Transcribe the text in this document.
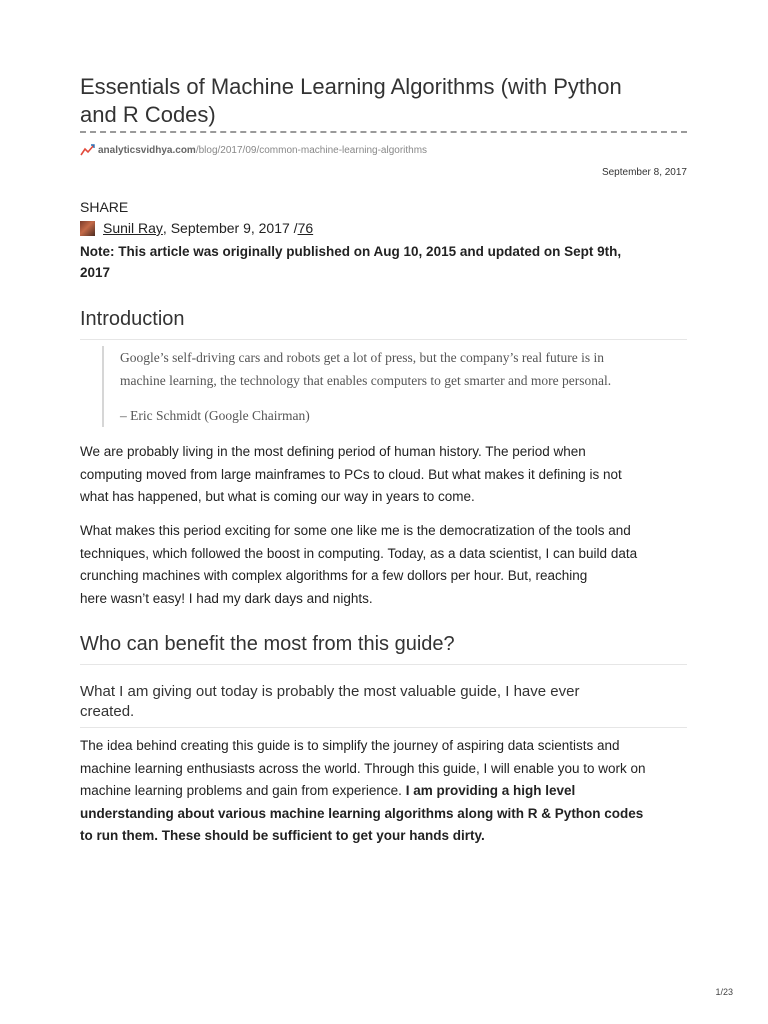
Essentials of Machine Learning Algorithms (with Python
and R Codes)
analyticsvidhya.com /blog/2017/09/common-machine-learning-algorithms
September 8, 2017
SHARE
Sunil Ray , September 9, 2017 / 76
Note: This article was originally published on Aug 10, 2015 and updated on Sept 9th,
2017
Introduction

Google’s self-driving cars and robots get a lot of press, but the company’s real future is in

machine learning, the technology that enables computers to get smarter and more personal.

– Eric Schmidt (Google Chairman)

We are probably living in the most defining period of human history. The period when
computing moved from large mainframes to PCs to cloud. But what makes it defining is not
what has happened, but what is coming our way in years to come.

What makes this period exciting for some one like me is the democratization of the tools and
techniques, which followed the boost in computing. Today, as a data scientist, I can build data
crunching machines with complex algorithms for a few dollors per hour. But, reaching
here wasn’t easy! I had my dark days and nights.

Who can benefit the most from this guide?
What I am giving out today is probably the most valuable guide, I have ever
created.

The idea behind creating this guide is to simplify the journey of aspiring data scientists and
machine learning enthusiasts across the world. Through this guide, I will enable you to work on
machine learning problems and gain from experience. I am providing a high level
understanding about various machine learning algorithms along with R & Python codes
to run them. These should be sufficient to get your hands dirty.

1/23
